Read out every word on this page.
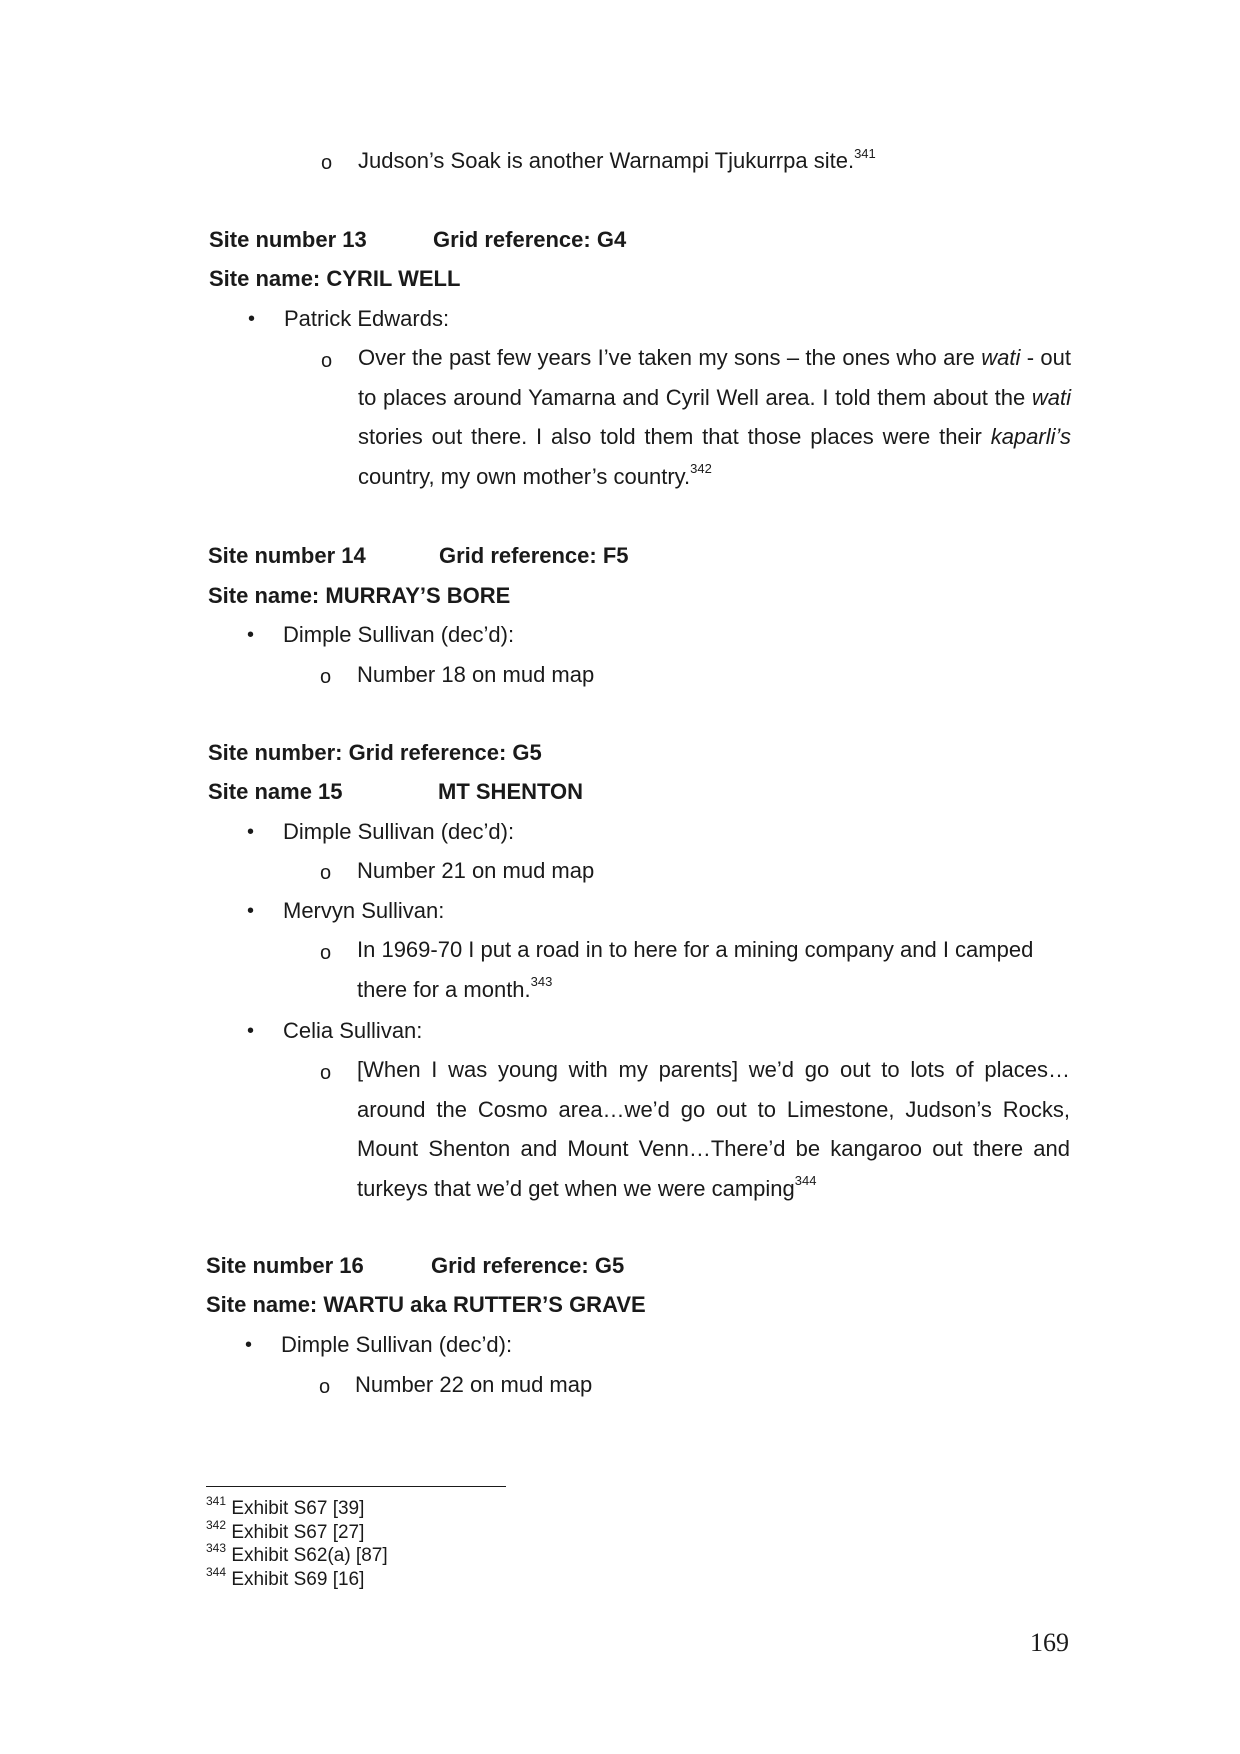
o Judson’s Soak is another Warnampi Tjukurrpa site.$^{341}$
Site number 13	Grid reference: G4
Site name: CYRIL WELL
• Patrick Edwards:
o Over the past few years I’ve taken my sons – the ones who are wati - out to places around Yamarna and Cyril Well area. I told them about the wati stories out there. I also told them that those places were their kaparli’s country, my own mother’s country.$^{342}$
Site number 14	Grid reference: F5
Site name: MURRAY’S BORE
• Dimple Sullivan (dec’d):
o Number 18 on mud map
Site number: Grid reference: G5
Site name 15	MT SHENTON
• Dimple Sullivan (dec’d):
o Number 21 on mud map
• Mervyn Sullivan:
o In 1969-70 I put a road in to here for a mining company and I camped there for a month.$^{343}$
• Celia Sullivan:
o [When I was young with my parents] we’d go out to lots of places…around the Cosmo area…we’d go out to Limestone, Judson’s Rocks, Mount Shenton and Mount Venn…There’d be kangaroo out there and turkeys that we’d get when we were camping$^{344}$
Site number 16	Grid reference: G5
Site name: WARTU aka RUTTER’S GRAVE
• Dimple Sullivan (dec’d):
o Number 22 on mud map
$^{341}$ Exhibit S67 [39]
$^{342}$ Exhibit S67 [27]
$^{343}$ Exhibit S62(a) [87]
$^{344}$ Exhibit S69 [16]
169
